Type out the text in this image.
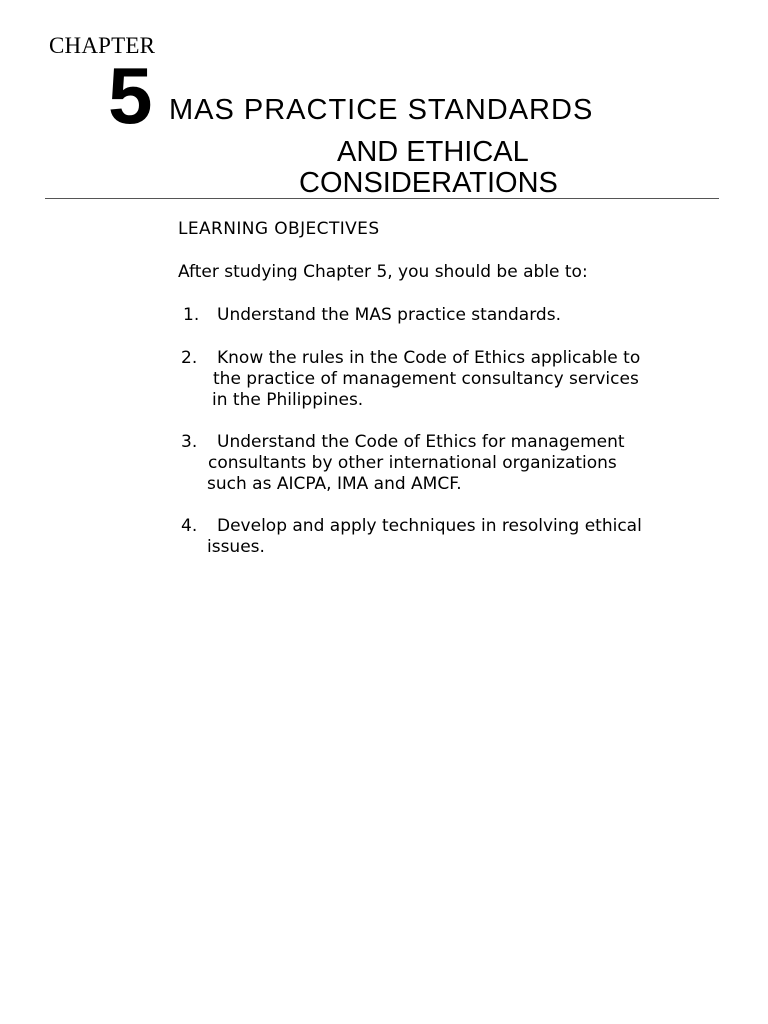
CHAPTER
5 MAS PRACTICE STANDARDS
AND ETHICAL
CONSIDERATIONS
LEARNING OBJECTIVES
After studying Chapter 5, you should be able to:
1. Understand the MAS practice standards.
2. Know the rules in the Code of Ethics applicable to
the practice of management consultancy services
in the Philippines.
3. Understand the Code of Ethics for management
consultants by other international organizations
such as AICPA, IMA and AMCF.
4. Develop and apply techniques in resolving ethical
issues.
